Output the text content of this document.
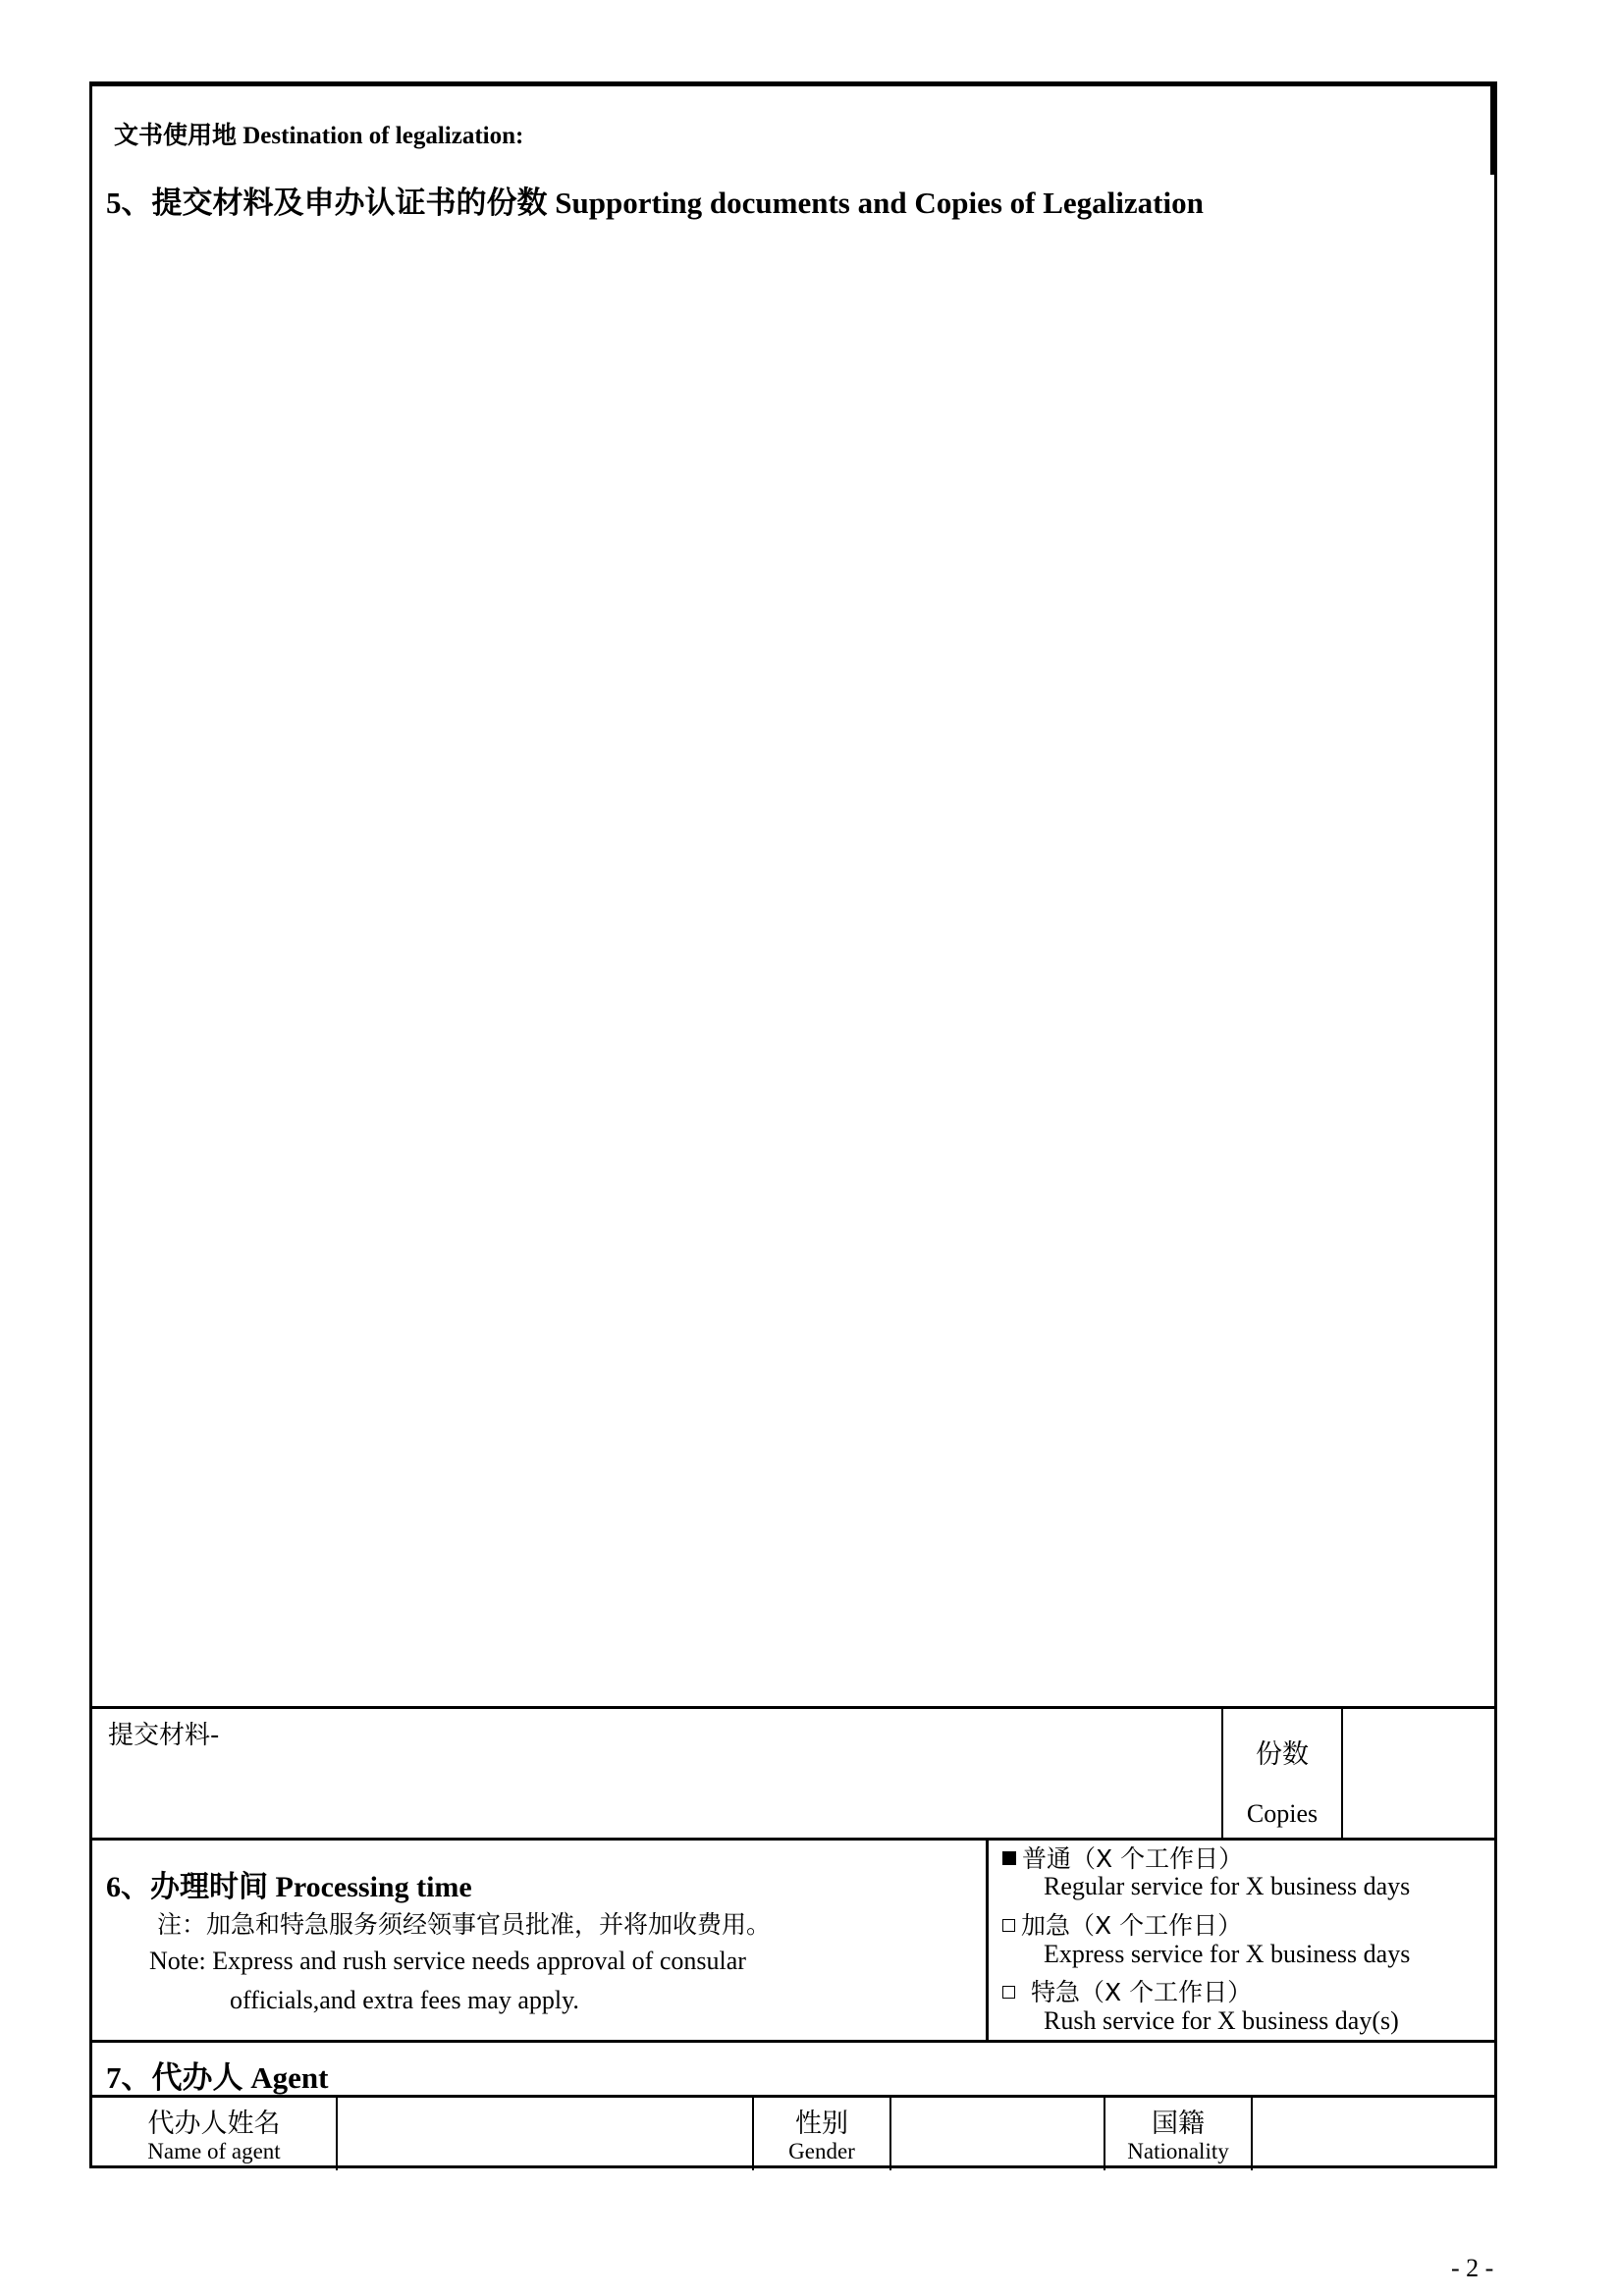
文书使用地 Destination of legalization:
5、提交材料及申办认证书的份数 Supporting documents and Copies of Legalization
提交材料-
份数
Copies
6、办理时间 Processing time
注：加急和特急服务须经领事官员批准，并将加收费用。
Note: Express and rush service needs approval of consular
officials,and extra fees may apply.
普通（X 个工作日）
Regular service for X business days
加急（X 个工作日）
Express service for X business days
特急（X 个工作日）
Rush service for X business day(s)
7、代办人 Agent
代办人姓名
Name of agent
性别
Gender
国籍
Nationality
- 2 -
